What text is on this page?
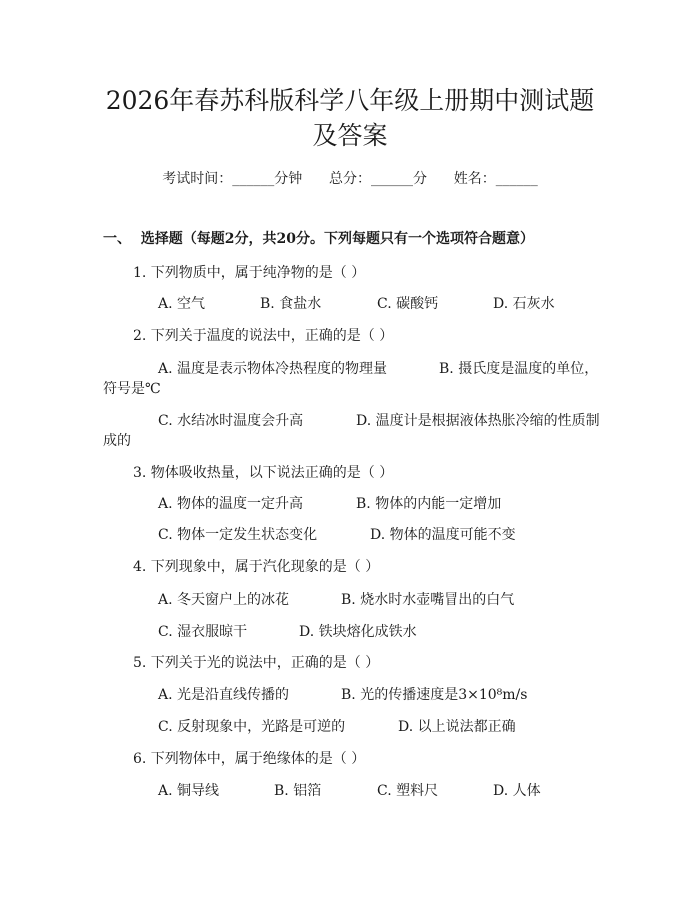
2026年春苏科版科学八年级上册期中测试题
及答案
考试时间：______分钟      总分：______分      姓名：______
一、  选择题（每题2分，共20分。下列每题只有一个选项符合题意）
1. 下列物质中，属于纯净物的是（ ）
A. 空气	B. 食盐水	C. 碳酸钙	D. 石灰水
2. 下列关于温度的说法中，正确的是（ ）
A. 温度是表示物体冷热程度的物理量	B. 摄氏度是温度的单位，
符号是℃
C. 水结冰时温度会升高	D. 温度计是根据液体热胀冷缩的性质制
成的
3. 物体吸收热量，以下说法正确的是（ ）
A. 物体的温度一定升高	B. 物体的内能一定增加
C. 物体一定发生状态变化	D. 物体的温度可能不变
4. 下列现象中，属于汽化现象的是（ ）
A. 冬天窗户上的冰花	B. 烧水时水壶嘴冒出的白气
C. 湿衣服晾干	D. 铁块熔化成铁水
5. 下列关于光的说法中，正确的是（ ）
A. 光是沿直线传播的	B. 光的传播速度是3×10⁸m/s
C. 反射现象中，光路是可逆的	D. 以上说法都正确
6. 下列物体中，属于绝缘体的是（ ）
A. 铜导线	B. 铝箔	C. 塑料尺	D. 人体
